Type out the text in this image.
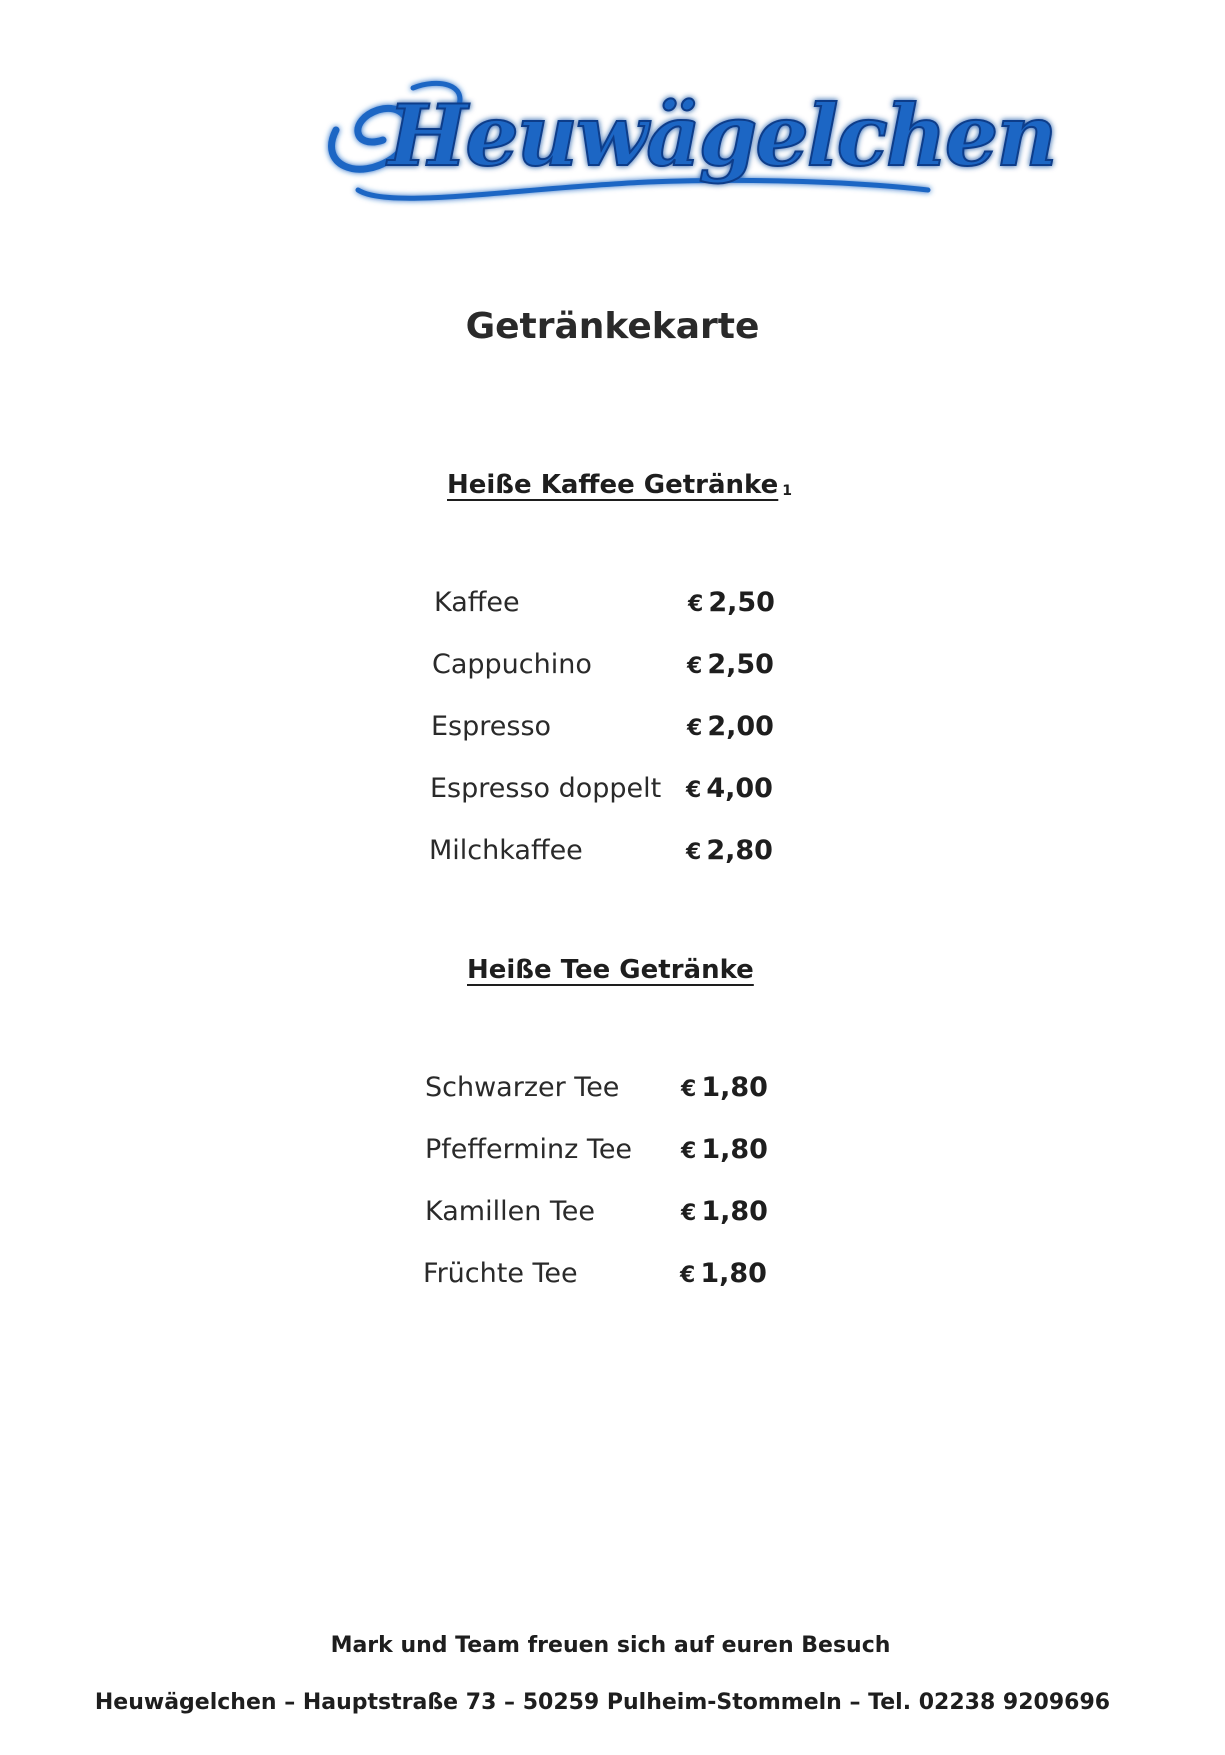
Heuwägelchen
Getränkekarte
Heiße Kaffee Getränke 1
Kaffee	€ 2,50
Cappuchino	€ 2,50
Espresso	€ 2,00
Espresso doppelt € 4,00
Milchkaffee	€ 2,80
Heiße Tee Getränke
Schwarzer Tee	€ 1,80
Pfefferminz Tee € 1,80
Kamillen Tee	€ 1,80
Früchte Tee	€ 1,80
Mark und Team freuen sich auf euren Besuch
Heuwägelchen – Hauptstraße 73 – 50259 Pulheim-Stommeln – Tel. 02238 9209696
